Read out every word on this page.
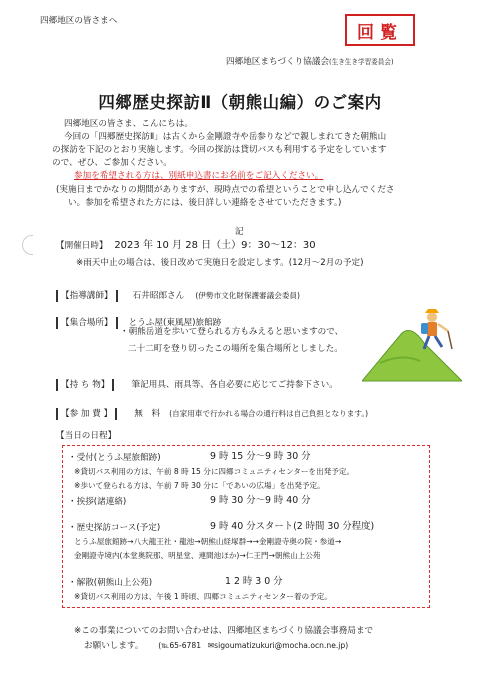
四郷地区の皆さまへ
回覧
四郷地区まちづくり協議会(生き生き学習委員会)
四郷歴史探訪Ⅱ（朝熊山編）のご案内
四郷地区の皆さま、こんにちは。
今回の「四郷歴史探訪Ⅱ」は古くから金剛證寺や岳参りなどで親しまれてきた朝熊山
の探訪を下記のとおり実施します。今回の探訪は貸切バスも利用する予定をしています
ので、ぜひ、ご参加ください。
参加を希望される方は、別紙申込書にお名前をご記入ください。
(実施日までかなりの期間がありますが、現時点での希望ということで申し込んでくださ
い。参加を希望された方には、後日詳しい連絡をさせていただきます。)
記
【開催日時】 2023 年 10 月 28 日（土）9：30～12：30
※雨天中止の場合は、後日改めて実施日を設定します。(12月～2月の予定)
【指導講師】 石井昭郎さん (伊勢市文化財保護審議会委員)
【集合場所】 とうふ屋(東風屋)旅館跡
・朝熊岳道を歩いて登られる方もみえると思いますので、
二十二町を登り切ったこの場所を集合場所としました。
【持 ち 物】	筆記用具、雨具等、各自必要に応じてご持参下さい。
【参 加 費 】	無　料 (自家用車で行かれる場合の通行料は自己負担となります。)
【当日の日程】
・受付(とうふ屋旅館跡)	9 時 15 分～9 時 30 分
※貸切バス利用の方は、午前 8 時 15 分に四郷コミュニティセンターを出発予定。
※歩いて登られる方は、午前 7 時 30 分に「であいの広場」を出発予定。
・挨拶(諸連絡)	9 時 30 分～9 時 40 分
・歴史探訪コース(予定)	9 時 40 分スタート(2 時間 30 分程度)
とうふ屋旅館跡→八大龍王社・龍池→朝熊山経塚群→→金剛證寺奥の院・参道→
金剛證寺境内(本堂奥院那、明星堂、連間池ほか)→仁王門→朝熊山上公苑
・解散(朝熊山上公苑)	1 2 時 3 0 分
※貸切バス利用の方は、午後 1 時頃、四郷コミュニティセンター着の予定。
※この事業についてのお問い合わせは、四郷地区まちづくり協議会事務局まで
お願いします。 (℡65-6781 ✉sigoumatizukuri@mocha.ocn.ne.jp)
